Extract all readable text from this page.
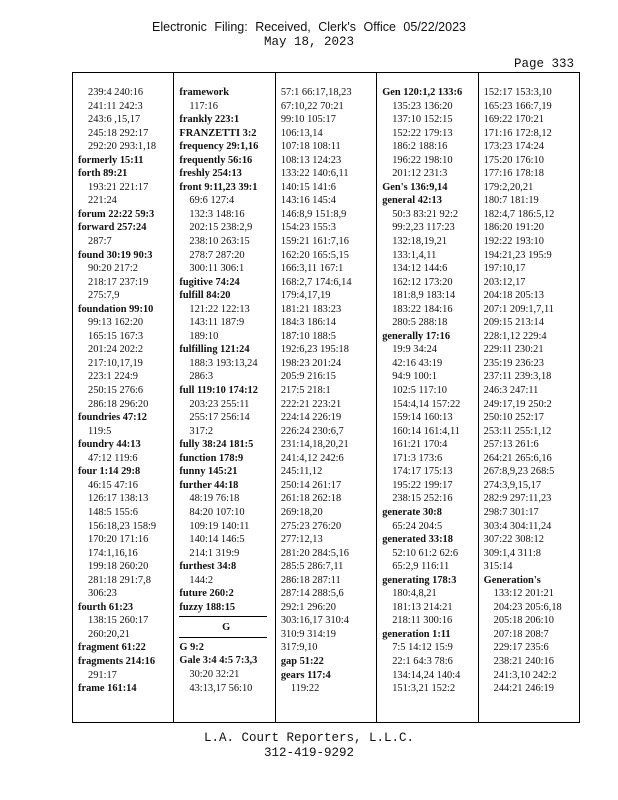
Electronic Filing: Received, Clerk's Office 05/22/2023
May 18, 2023
Page 333
239:4 240:16
241:11 242:3
243:6 ,15,17
245:18 292:17
292:20 293:1,18
formerly 15:11
forth 89:21
193:21 221:17
221:24
forum 22:22 59:3
forward 257:24
287:7
found 30:19 90:3
90:20 217:2
218:17 237:19
275:7,9
foundation 99:10
99:13 162:20
165:15 167:3
201:24 202:2
217:10,17,19
223:1 224:9
250:15 276:6
286:18 296:20
foundries 47:12
119:5
foundry 44:13
47:12 119:6
four 1:14 29:8
46:15 47:16
126:17 138:13
148:5 155:6
156:18,23 158:9
170:20 171:16
174:1,16,16
199:18 260:20
281:18 291:7,8
306:23
fourth 61:23
138:15 260:17
260:20,21
fragment 61:22
fragments 214:16
291:17
frame 161:14
framework
117:16
frankly 223:1
FRANZETTI 3:2
frequency 29:1,16
frequently 56:16
freshly 254:13
front 9:11,23 39:1
69:6 127:4
132:3 148:16
202:15 238:2,9
238:10 263:15
278:7 287:20
300:11 306:1
fugitive 74:24
fulfill 84:20
121:22 122:13
143:11 187:9
189:10
fulfilling 121:24
188:3 193:13,24
286:3
full 119:10 174:12
203:23 255:11
255:17 256:14
317:2
fully 38:24 181:5
function 178:9
funny 145:21
further 44:18
48:19 76:18
84:20 107:10
109:19 140:11
140:14 146:5
214:1 319:9
furthest 34:8
144:2
future 260:2
fuzzy 188:15
G
G 9:2
Gale 3:4 4:5 7:3,3
30:20 32:21
43:13,17 56:10
57:1 66:17,18,23
67:10,22 70:21
99:10 105:17
106:13,14
107:18 108:11
108:13 124:23
133:22 140:6,11
140:15 141:6
143:16 145:4
146:8,9 151:8,9
154:23 155:3
159:21 161:7,16
162:20 165:5,15
166:3,11 167:1
168:2,7 174:6,14
179:4,17,19
181:21 183:23
184:3 186:14
187:10 188:5
192:6,23 195:18
198:23 201:24
205:9 216:15
217:5 218:1
222:21 223:21
224:14 226:19
226:24 230:6,7
231:14,18,20,21
241:4,12 242:6
245:11,12
250:14 261:17
261:18 262:18
269:18,20
275:23 276:20
277:12,13
281:20 284:5,16
285:5 286:7,11
286:18 287:11
287:14 288:5,6
292:1 296:20
303:16,17 310:4
310:9 314:19
317:9,10
gap 51:22
gears 117:4
119:22
Gen 120:1,2 133:6
135:23 136:20
137:10 152:15
152:22 179:13
186:2 188:16
196:22 198:10
201:12 231:3
Gen's 136:9,14
general 42:13
50:3 83:21 92:2
99:2,23 117:23
132:18,19,21
133:1,4,11
134:12 144:6
162:12 173:20
181:8,9 183:14
183:22 184:16
280:5 288:18
generally 17:16
19:9 34:24
42:16 43:19
94:9 100:1
102:5 117:10
154:4,14 157:22
159:14 160:13
160:14 161:4,11
161:21 170:4
171:3 173:6
174:17 175:13
195:22 199:17
238:15 252:16
generate 30:8
65:24 204:5
generated 33:18
52:10 61:2 62:6
65:2,9 116:11
generating 178:3
180:4,8,21
181:13 214:21
218:11 300:16
generation 1:11
7:5 14:12 15:9
22:1 64:3 78:6
134:14,24 140:4
151:3,21 152:2
152:17 153:3,10
165:23 166:7,19
169:22 170:21
171:16 172:8,12
173:23 174:24
175:20 176:10
177:16 178:18
179:2,20,21
180:7 181:19
182:4,7 186:5,12
186:20 191:20
192:22 193:10
194:21,23 195:9
197:10,17
203:12,17
204:18 205:13
207:1 209:1,7,11
209:15 213:14
228:1,12 229:4
229:11 230:21
235:19 236:23
237:11 239:3,18
246:3 247:11
249:17,19 250:2
250:10 252:17
253:11 255:1,12
257:13 261:6
264:21 265:6,16
267:8,9,23 268:5
274:3,9,15,17
282:9 297:11,23
298:7 301:17
303:4 304:11,24
307:22 308:12
309:1,4 311:8
315:14
Generation's
133:12 201:21
204:23 205:6,18
205:18 206:10
207:18 208:7
229:17 235:6
238:21 240:16
241:3,10 242:2
244:21 246:19
L.A. Court Reporters, L.L.C.
312-419-9292
